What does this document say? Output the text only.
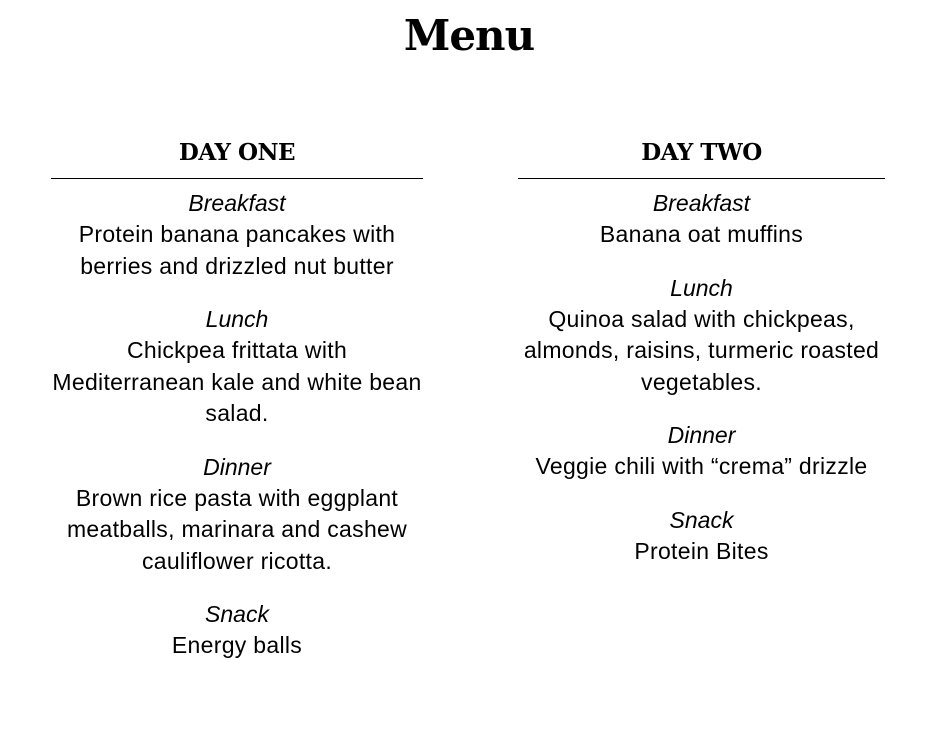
Menu
DAY ONE
Breakfast
Protein banana pancakes with berries and drizzled nut butter
Lunch
Chickpea frittata with Mediterranean kale and white bean salad.
Dinner
Brown rice pasta with eggplant meatballs, marinara and cashew cauliflower ricotta.
Snack
Energy balls
DAY TWO
Breakfast
Banana oat muffins
Lunch
Quinoa salad with chickpeas, almonds, raisins, turmeric roasted vegetables.
Dinner
Veggie chili with “crema” drizzle
Snack
Protein Bites
